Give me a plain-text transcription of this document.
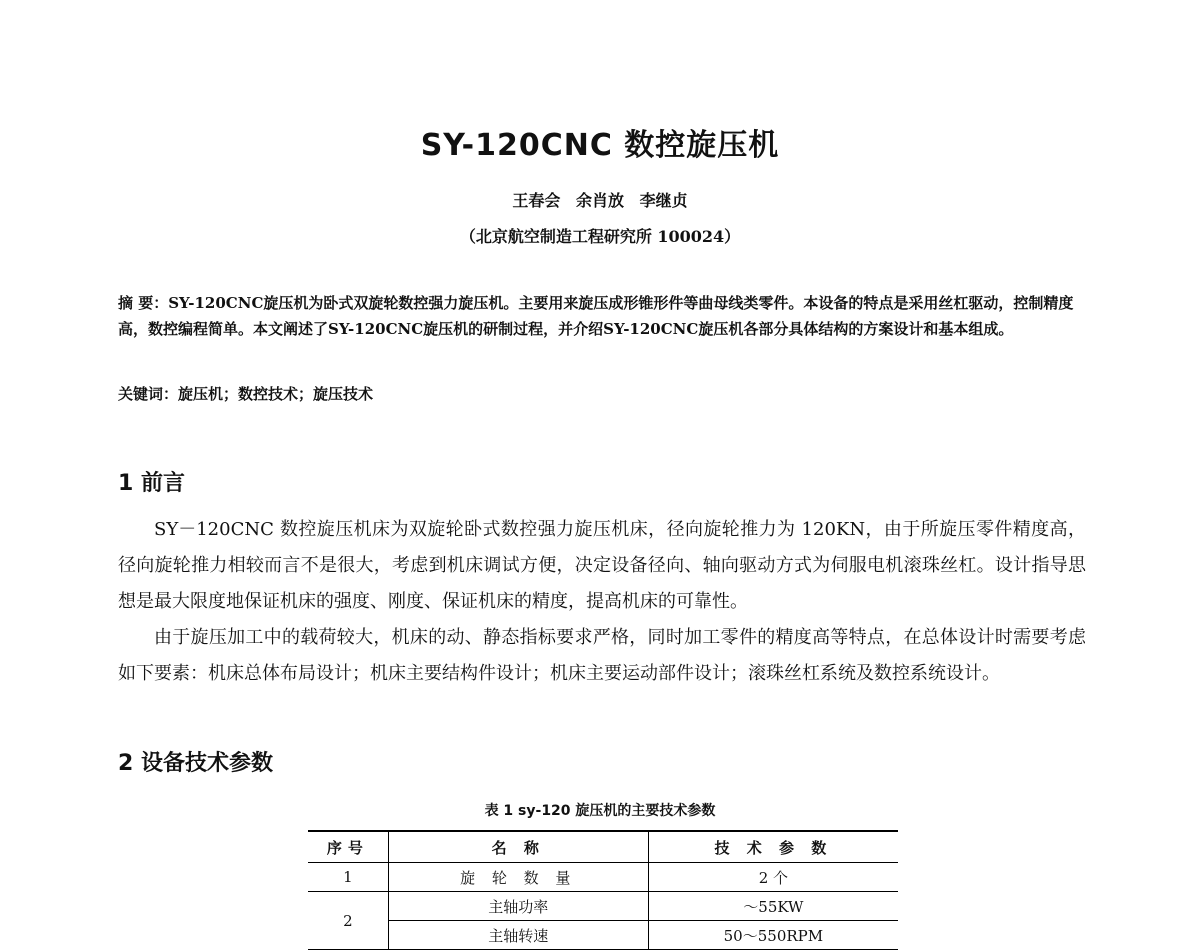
SY-120CNC 数控旋压机
王春会 余肖放 李继贞
（北京航空制造工程研究所 100024）

摘 要：SY-120CNC旋压机为卧式双旋轮数控强力旋压机。主要用来旋压成形锥形件等曲母线类零件。本设备的特点是采用丝杠驱动，控制精度高，数控编程简单。本文阐述了SY-120CNC旋压机的研制过程，并介绍SY-120CNC旋压机各部分具体结构的方案设计和基本组成。

关键词：旋压机；数控技术；旋压技术
1 前言

SY－120CNC 数控旋压机床为双旋轮卧式数控强力旋压机床，径向旋轮推力为 120KN，由于所旋压零件精度高，径向旋轮推力相较而言不是很大，考虑到机床调试方便，决定设备径向、轴向驱动方式为伺服电机滚珠丝杠。设计指导思想是最大限度地保证机床的强度、刚度、保证机床的精度，提高机床的可靠性。

由于旋压加工中的载荷较大，机床的动、静态指标要求严格，同时加工零件的精度高等特点，在总体设计时需要考虑如下要素：机床总体布局设计；机床主要结构件设计；机床主要运动部件设计；滚珠丝杠系统及数控系统设计。

2 设备技术参数
表 1 sy-120 旋压机的主要技术参数
序号	名 称	技 术 参 数
1	旋 轮 数 量	2 个
2	主轴功率	～55KW
	主轴转速	50～550RPM
